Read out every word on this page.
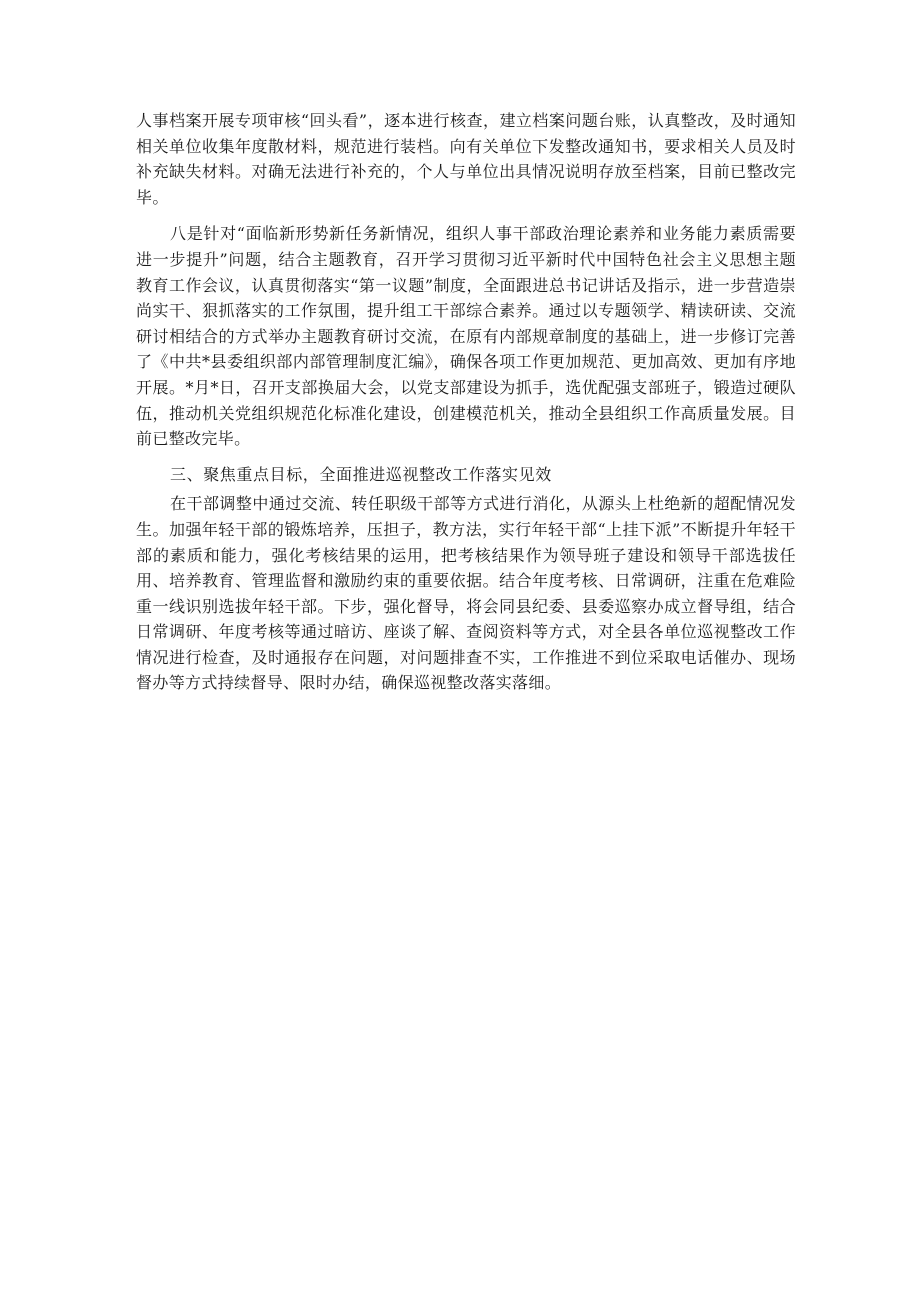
人事档案开展专项审核“回头看”，逐本进行核查，建立档案问题台账，认真整改，及时通知相关单位收集年度散材料，规范进行装档。向有关单位下发整改通知书，要求相关人员及时补充缺失材料。对确无法进行补充的，个人与单位出具情况说明存放至档案，目前已整改完毕。

八是针对“面临新形势新任务新情况，组织人事干部政治理论素养和业务能力素质需要进一步提升”问题，结合主题教育，召开学习贯彻习近平新时代中国特色社会主义思想主题教育工作会议，认真贯彻落实“第一议题”制度，全面跟进总书记讲话及指示，进一步营造崇尚实干、狠抓落实的工作氛围，提升组工干部综合素养。通过以专题领学、精读研读、交流研讨相结合的方式举办主题教育研讨交流，在原有内部规章制度的基础上，进一步修订完善了《中共*县委组织部内部管理制度汇编》，确保各项工作更加规范、更加高效、更加有序地开展。*月*日，召开支部换届大会，以党支部建设为抓手，选优配强支部班子，锻造过硬队伍，推动机关党组织规范化标准化建设，创建模范机关，推动全县组织工作高质量发展。目前已整改完毕。

三、聚焦重点目标，全面推进巡视整改工作落实见效

在干部调整中通过交流、转任职级干部等方式进行消化，从源头上杜绝新的超配情况发生。加强年轻干部的锻炼培养，压担子，教方法，实行年轻干部“上挂下派”不断提升年轻干部的素质和能力，强化考核结果的运用，把考核结果作为领导班子建设和领导干部选拔任用、培养教育、管理监督和激励约束的重要依据。结合年度考核、日常调研，注重在危难险重一线识别选拔年轻干部。下步，强化督导，将会同县纪委、县委巡察办成立督导组，结合日常调研、年度考核等通过暗访、座谈了解、查阅资料等方式，对全县各单位巡视整改工作情况进行检查，及时通报存在问题，对问题排查不实，工作推进不到位采取电话催办、现场督办等方式持续督导、限时办结，确保巡视整改落实落细。
